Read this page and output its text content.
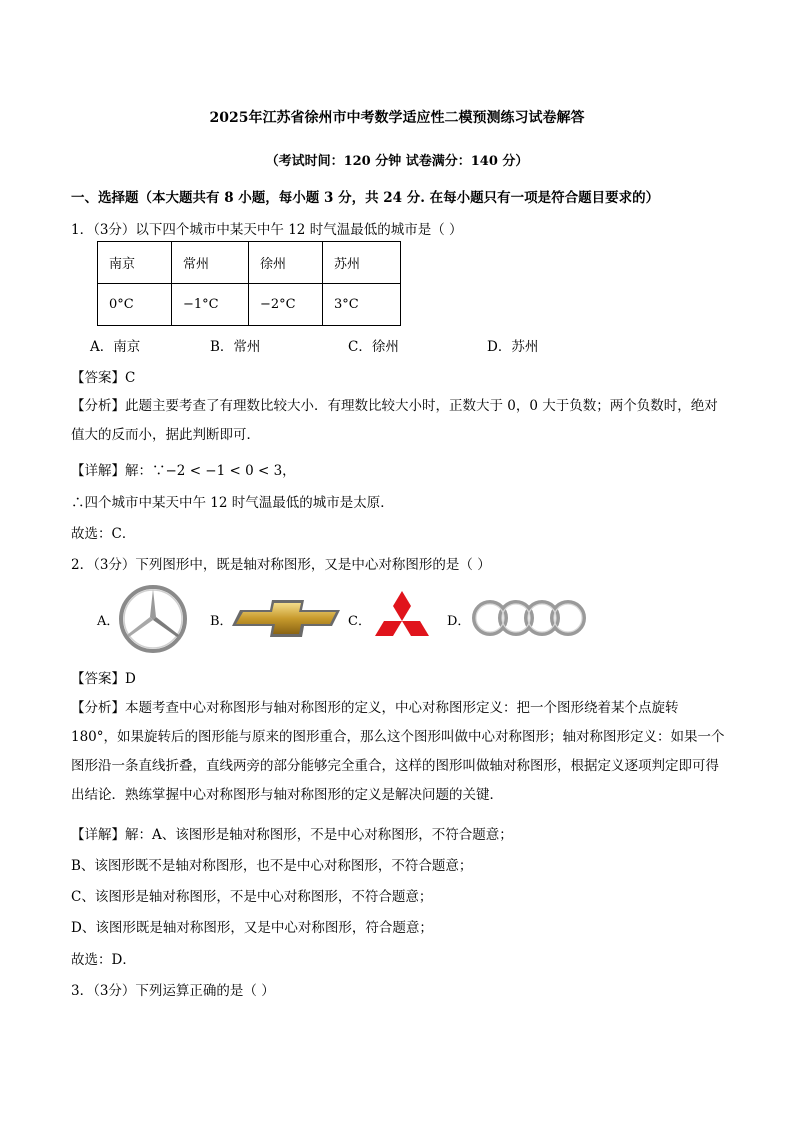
2025年江苏省徐州市中考数学适应性二模预测练习试卷解答
（考试时间：120 分钟 试卷满分：140 分）
一、选择题（本大题共有 8 小题，每小题 3 分，共 24 分. 在每小题只有一项是符合题目要求的）
1．（3分）以下四个城市中某天中午 12 时气温最低的城市是（ ）
南京	常州	徐州	苏州
0°C	−1°C	−2°C	3°C
A．南京	B．常州	C．徐州	D．苏州
【答案】C
【分析】此题主要考查了有理数比较大小．有理数比较大小时，正数大于 0，0 大于负数；两个负数时，绝对值大的反而小，据此判断即可．
【详解】解：∵−2 < −1 < 0 < 3，
∴四个城市中某天中午 12 时气温最低的城市是太原．
故选：C．
2．（3分）下列图形中，既是轴对称图形，又是中心对称图形的是（ ）
A．	B．	C．	D．
【答案】D
【分析】本题考查中心对称图形与轴对称图形的定义，中心对称图形定义：把一个图形绕着某个点旋转 180°，如果旋转后的图形能与原来的图形重合，那么这个图形叫做中心对称图形；轴对称图形定义：如果一个图形沿一条直线折叠，直线两旁的部分能够完全重合，这样的图形叫做轴对称图形，根据定义逐项判定即可得出结论．熟练掌握中心对称图形与轴对称图形的定义是解决问题的关键．
【详解】解：A、该图形是轴对称图形，不是中心对称图形，不符合题意；
B、该图形既不是轴对称图形，也不是中心对称图形，不符合题意；
C、该图形是轴对称图形，不是中心对称图形，不符合题意；
D、该图形既是轴对称图形，又是中心对称图形，符合题意；
故选：D．
3．（3分）下列运算正确的是（ ）
